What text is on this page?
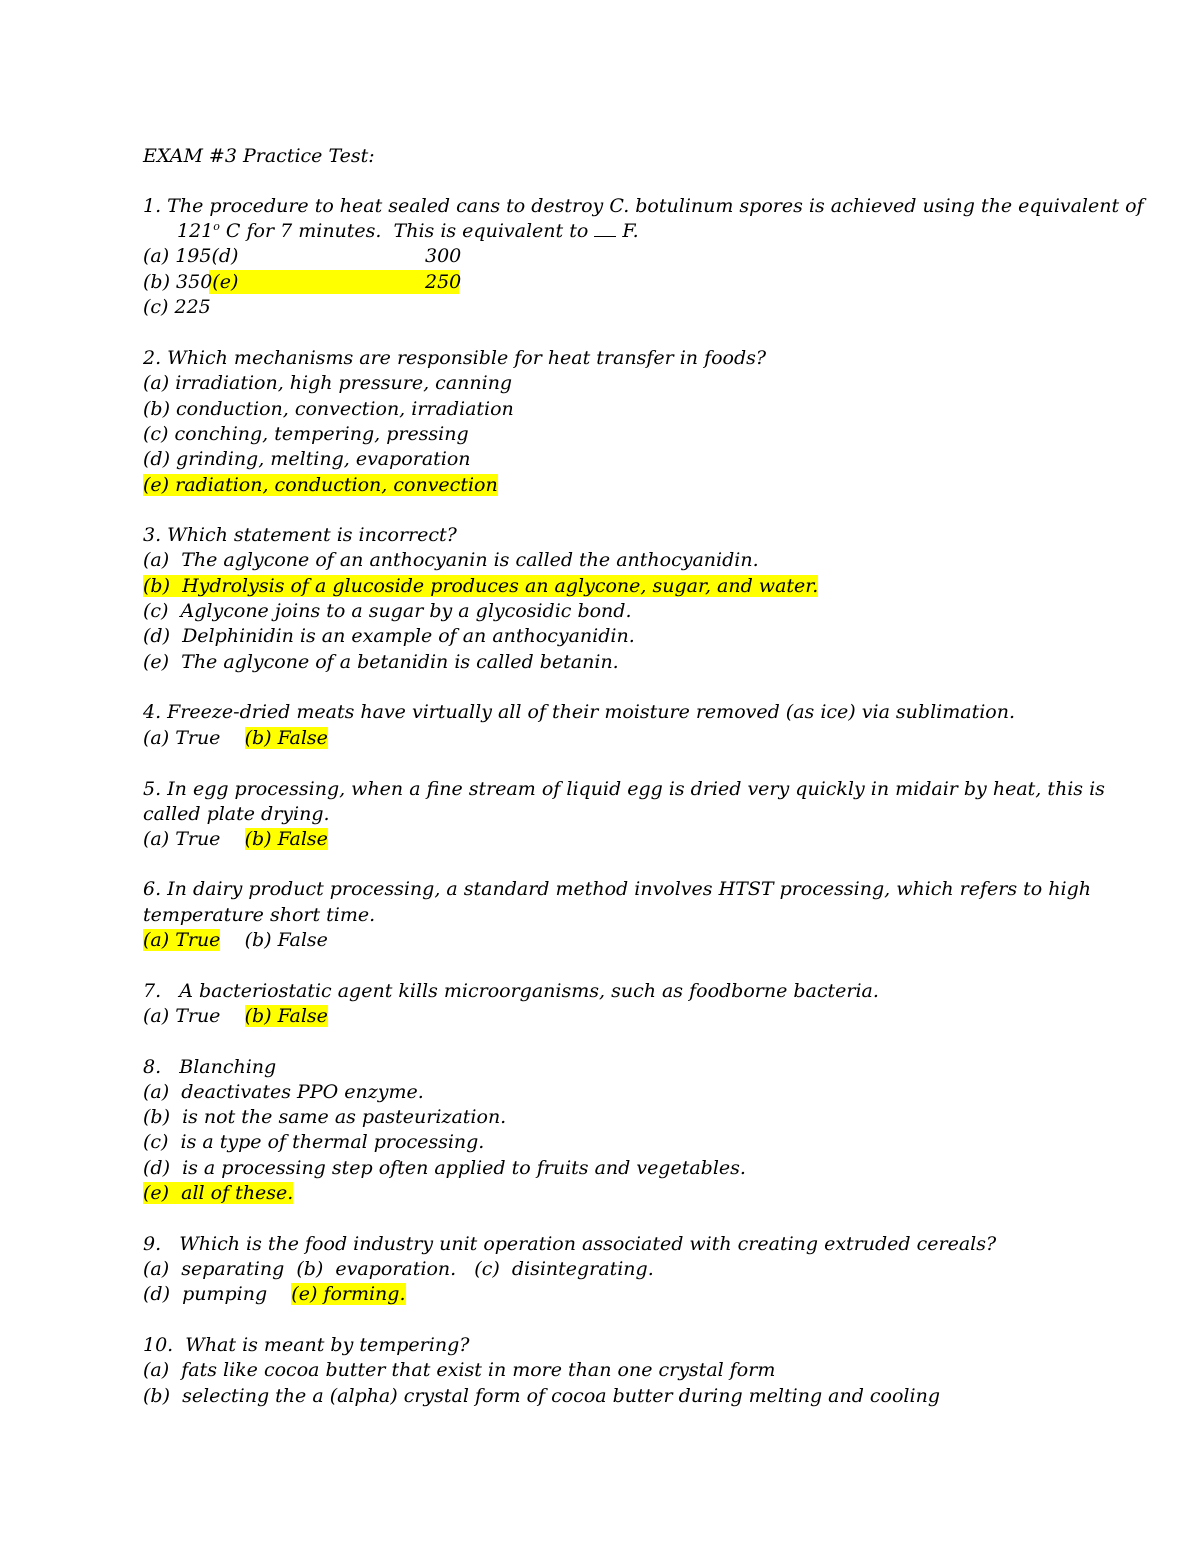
EXAM #3 Practice Test:
1. The procedure to heat sealed cans to destroy C. botulinum spores is achieved using the equivalent of
121$^o$ C for 7 minutes.  This is equivalent to  F.
(a) 195(d)	300
(b) 350(e)	250
(c) 225
2. Which mechanisms are responsible for heat transfer in foods?
(a) irradiation, high pressure, canning
(b) conduction, convection, irradiation
(c) conching, tempering, pressing
(d) grinding, melting, evaporation
(e) radiation, conduction, convection
3. Which statement is incorrect?
(a)  The aglycone of an anthocyanin is called the anthocyanidin.
(b)  Hydrolysis of a glucoside produces an aglycone, sugar, and water.
(c)  Aglycone joins to a sugar by a glycosidic bond.
(d)  Delphinidin is an example of an anthocyanidin.
(e)  The aglycone of a betanidin is called betanin.
4. Freeze-dried meats have virtually all of their moisture removed (as ice) via sublimation.
(a) True (b) False
5. In egg processing, when a fine stream of liquid egg is dried very quickly in midair by heat, this is
called plate drying.
(a) True (b) False
6. In dairy product processing, a standard method involves HTST processing, which refers to high
temperature short time.
(a) True (b) False
7.   A bacteriostatic agent kills microorganisms, such as foodborne bacteria.
(a) True (b) False
8.   Blanching
(a)  deactivates PPO enzyme.
(b)  is not the same as pasteurization.
(c)  is a type of thermal processing.
(d)  is a processing step often applied to fruits and vegetables.
(e)  all of these.
9.   Which is the food industry unit operation associated with creating extruded cereals?
(a)  separating (b)  evaporation. (c)  disintegrating.
(d)  pumping (e) forming.
10.  What is meant by tempering?
(a)  fats like cocoa butter that exist in more than one crystal form
(b)  selecting the a (alpha) crystal form of cocoa butter during melting and cooling
